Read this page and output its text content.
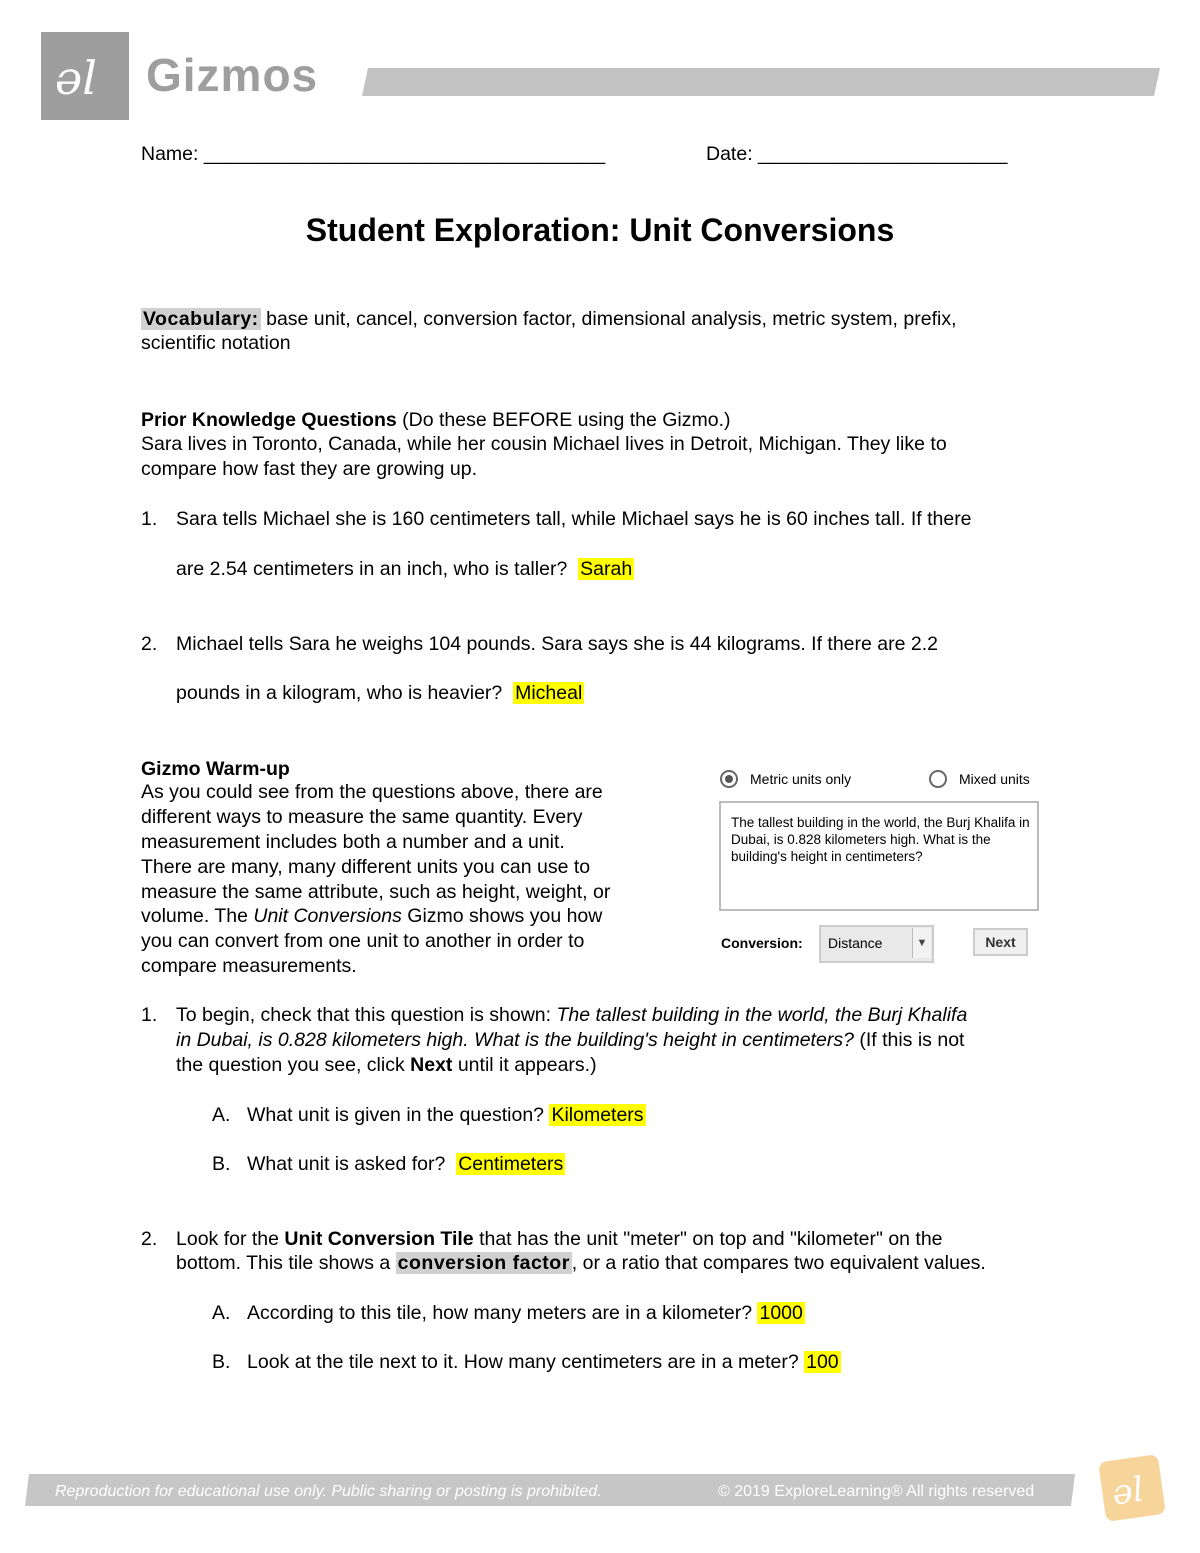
əl Gizmos
Name: _____________________________________	Date: _______________________
Student Exploration: Unit Conversions
Vocabulary: base unit, cancel, conversion factor, dimensional analysis, metric system, prefix,
scientific notation
Prior Knowledge Questions (Do these BEFORE using the Gizmo.)
Sara lives in Toronto, Canada, while her cousin Michael lives in Detroit, Michigan. They like to
compare how fast they are growing up.
1. Sara tells Michael she is 160 centimeters tall, while Michael says he is 60 inches tall. If there
are 2.54 centimeters in an inch, who is taller? Sarah
2. Michael tells Sara he weighs 104 pounds. Sara says she is 44 kilograms. If there are 2.2
pounds in a kilogram, who is heavier? Micheal
Gizmo Warm-up
As you could see from the questions above, there are
different ways to measure the same quantity. Every
measurement includes both a number and a unit.
There are many, many different units you can use to
measure the same attribute, such as height, weight, or
volume. The Unit Conversions Gizmo shows you how
you can convert from one unit to another in order to
compare measurements.
Metric units only	Mixed units
The tallest building in the world, the Burj Khalifa in Dubai, is 0.828 kilometers high. What is the building's height in centimeters?
Conversion: Distance	▼	Next
1. To begin, check that this question is shown: The tallest building in the world, the Burj Khalifa
in Dubai, is 0.828 kilometers high. What is the building's height in centimeters? (If this is not
the question you see, click Next until it appears.)
A. What unit is given in the question? Kilometers
B. What unit is asked for? Centimeters
2. Look for the Unit Conversion Tile that has the unit "meter" on top and "kilometer" on the
bottom. This tile shows a conversion factor , or a ratio that compares two equivalent values.
A. According to this tile, how many meters are in a kilometer? 1000
B. Look at the tile next to it. How many centimeters are in a meter? 100
Reproduction for educational use only. Public sharing or posting is prohibited.	© 2019 ExploreLearning® All rights reserved əl
